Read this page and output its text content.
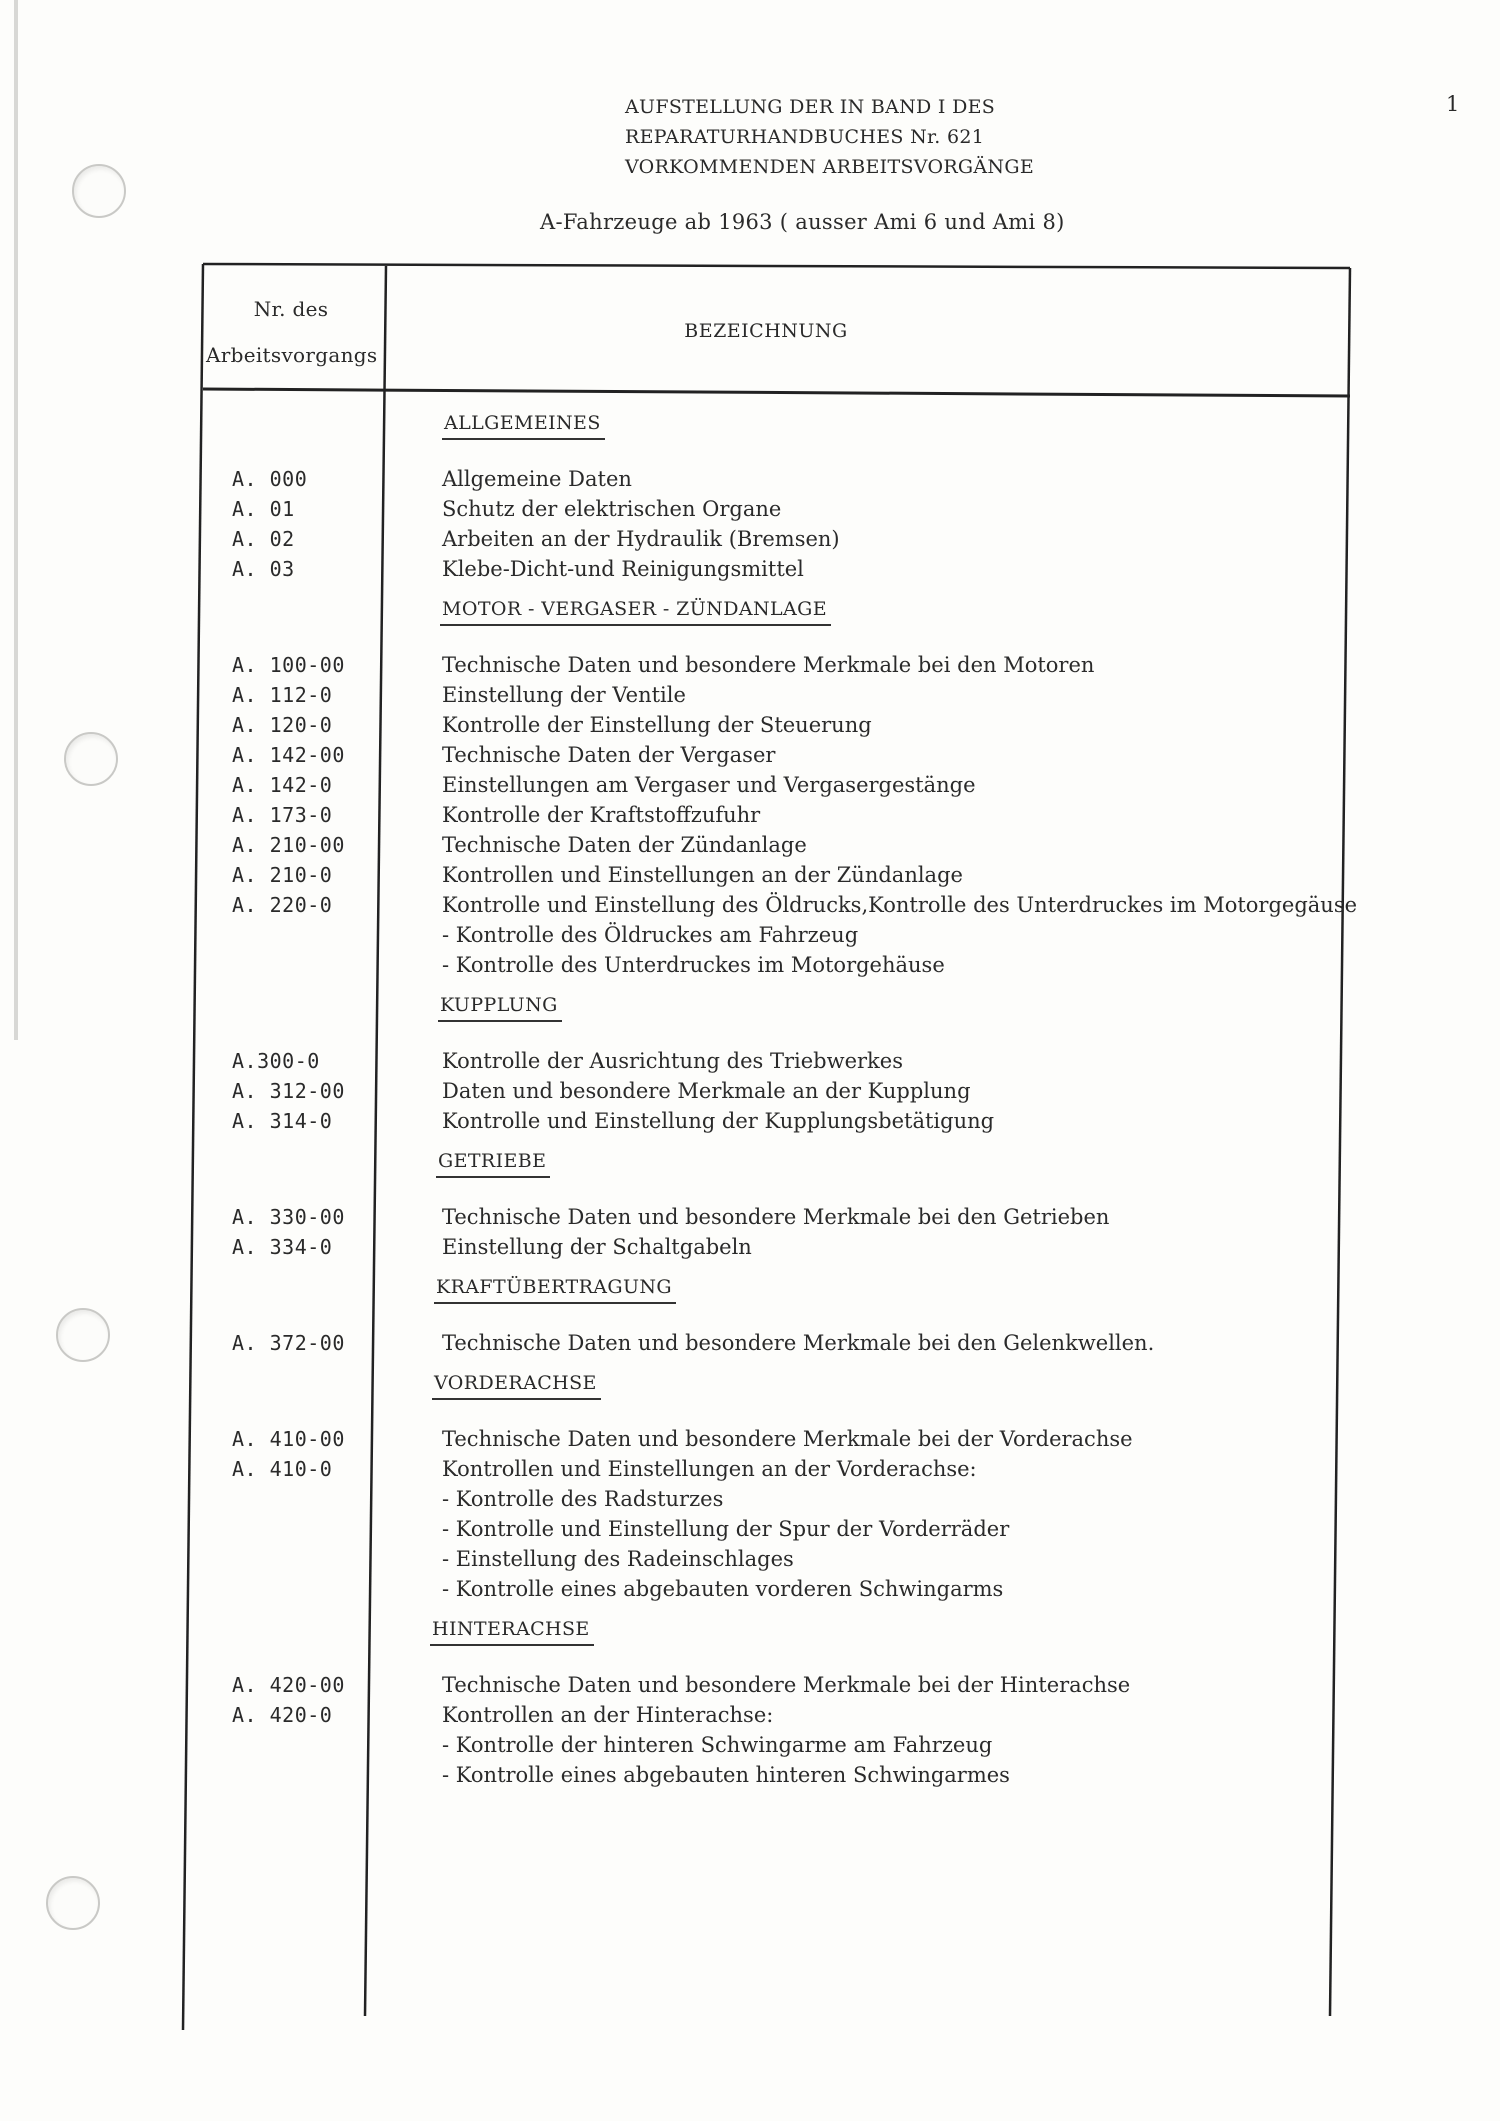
1
AUFSTELLUNG DER IN BAND I DES
REPARATURHANDBUCHES Nr. 621
VORKOMMENDEN ARBEITSVORGÄNGE
A-Fahrzeuge ab 1963 ( ausser Ami 6 und Ami 8)
Nr. des
Arbeitsvorgangs
BEZEICHNUNG
ALLGEMEINES
A. 000	Allgemeine Daten
A. 01	Schutz der elektrischen Organe
A. 02	Arbeiten an der Hydraulik (Bremsen)
A. 03	Klebe-Dicht-und Reinigungsmittel
MOTOR - VERGASER - ZÜNDANLAGE
A. 100-00	Technische Daten und besondere Merkmale bei den Motoren
A. 112-0	Einstellung der Ventile
A. 120-0	Kontrolle der Einstellung der Steuerung
A. 142-00	Technische Daten der Vergaser
A. 142-0	Einstellungen am Vergaser und Vergasergestänge
A. 173-0	Kontrolle der Kraftstoffzufuhr
A. 210-00	Technische Daten der Zündanlage
A. 210-0	Kontrollen und Einstellungen an der Zündanlage
A. 220-0	Kontrolle und Einstellung des Öldrucks,Kontrolle des Unterdruckes im Motorgegäuse
- Kontrolle des Öldruckes am Fahrzeug
- Kontrolle des Unterdruckes im Motorgehäuse
KUPPLUNG
A.300-0	Kontrolle der Ausrichtung des Triebwerkes
A. 312-00	Daten und besondere Merkmale an der Kupplung
A. 314-0	Kontrolle und Einstellung der Kupplungsbetätigung
GETRIEBE
A. 330-00	Technische Daten und besondere Merkmale bei den Getrieben
A. 334-0	Einstellung der Schaltgabeln
KRAFTÜBERTRAGUNG
A. 372-00	Technische Daten und besondere Merkmale bei den Gelenkwellen.
VORDERACHSE
A. 410-00	Technische Daten und besondere Merkmale bei der Vorderachse
A. 410-0	Kontrollen und Einstellungen an der Vorderachse:
- Kontrolle des Radsturzes
- Kontrolle und Einstellung der Spur der Vorderräder
- Einstellung des Radeinschlages
- Kontrolle eines abgebauten vorderen Schwingarms
HINTERACHSE
A. 420-00	Technische Daten und besondere Merkmale bei der Hinterachse
A. 420-0	Kontrollen an der Hinterachse:
- Kontrolle der hinteren Schwingarme am Fahrzeug
- Kontrolle eines abgebauten hinteren Schwingarmes
